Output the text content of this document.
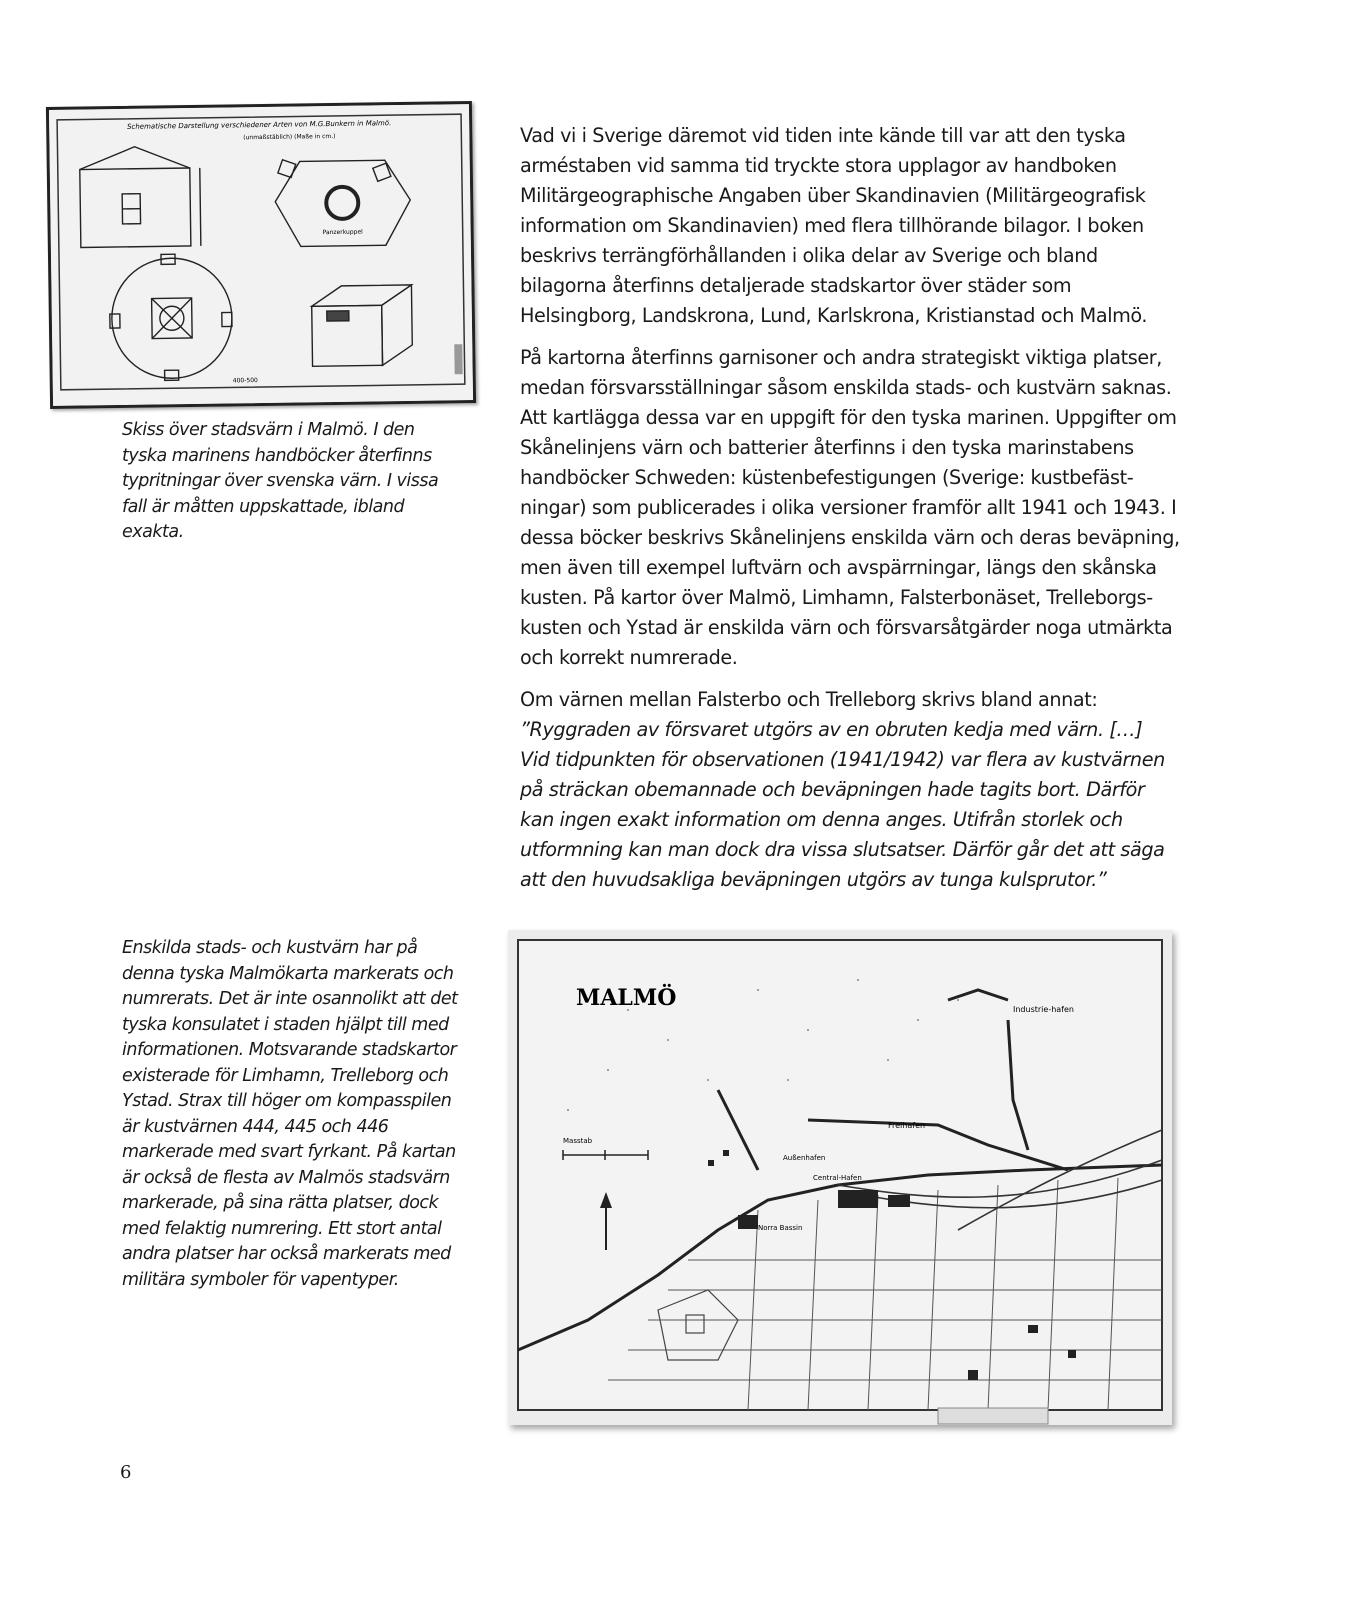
Schematische Darstellung verschiedener Arten von M.G.Bunkern in Malmö.
(unmaßstäblich) (Maße in cm.)
Panzerkuppel
400-500
Skiss över stadsvärn i Malmö. I den tyska marinens handböcker återfinns typritningar över svenska värn. I vissa fall är måtten uppskattade, ibland exakta.

Vad vi i Sverige däremot vid tiden inte kände till var att den tyska arméstaben vid samma tid tryckte stora upplagor av handboken Militärgeographische Angaben über Skandinavien (Militärgeografisk information om Skandinavien) med flera tillhörande bilagor. I boken beskrivs terrängförhållanden i olika delar av Sverige och bland bilagorna återfinns detaljerade stadskartor över städer som Helsingborg, Landskrona, Lund, Karlskrona, Kristianstad och Malmö.

På kartorna återfinns garnisoner och andra strategiskt viktiga platser, medan försvarsställningar såsom enskilda stads- och kustvärn saknas. Att kartlägga dessa var en uppgift för den tyska marinen. Uppgifter om Skånelinjens värn och batterier återfinns i den tyska marinstabens handböcker Schweden: küstenbefestigungen (Sverige: kustbefästningar) som publicerades i olika versioner framför allt 1941 och 1943. I dessa böcker beskrivs Skånelinjens enskilda värn och deras beväpning, men även till exempel luftvärn och avspärrningar, längs den skånska kusten. På kartor över Malmö, Limhamn, Falsterbonäset, Trelleborgskusten och Ystad är enskilda värn och försvarsåtgärder noga utmärkta och korrekt numrerade.

Om värnen mellan Falsterbo och Trelleborg skrivs bland annat:
”Ryggraden av försvaret utgörs av en obruten kedja med värn. […]
Vid tidpunkten för observationen (1941/1942) var flera av kustvärnen på sträckan obemannade och beväpningen hade tagits bort. Därför kan ingen exakt information om denna anges. Utifrån storlek och utformning kan man dock dra vissa slutsatser. Därför går det att säga att den huvudsakliga beväpningen utgörs av tunga kulsprutor.”

Enskilda stads- och kustvärn har på denna tyska Malmökarta markerats och numrerats. Det är inte osannolikt att det tyska konsulatet i staden hjälpt till med informationen. Motsvarande stadskartor existerade för Limhamn, Trelleborg och Ystad. Strax till höger om kompasspilen är kustvärnen 444, 445 och 446 markerade med svart fyrkant. På kartan är också de flesta av Malmös stadsvärn markerade, på sina rätta platser, dock med felaktig numrering. Ett stort antal andra platser har också markerats med militära symboler för vapentyper.
MALMÖ	Industrie-hafen
Freihafen
Außenhafen
Central-Hafen
Norra Bassin
Masstab
6
